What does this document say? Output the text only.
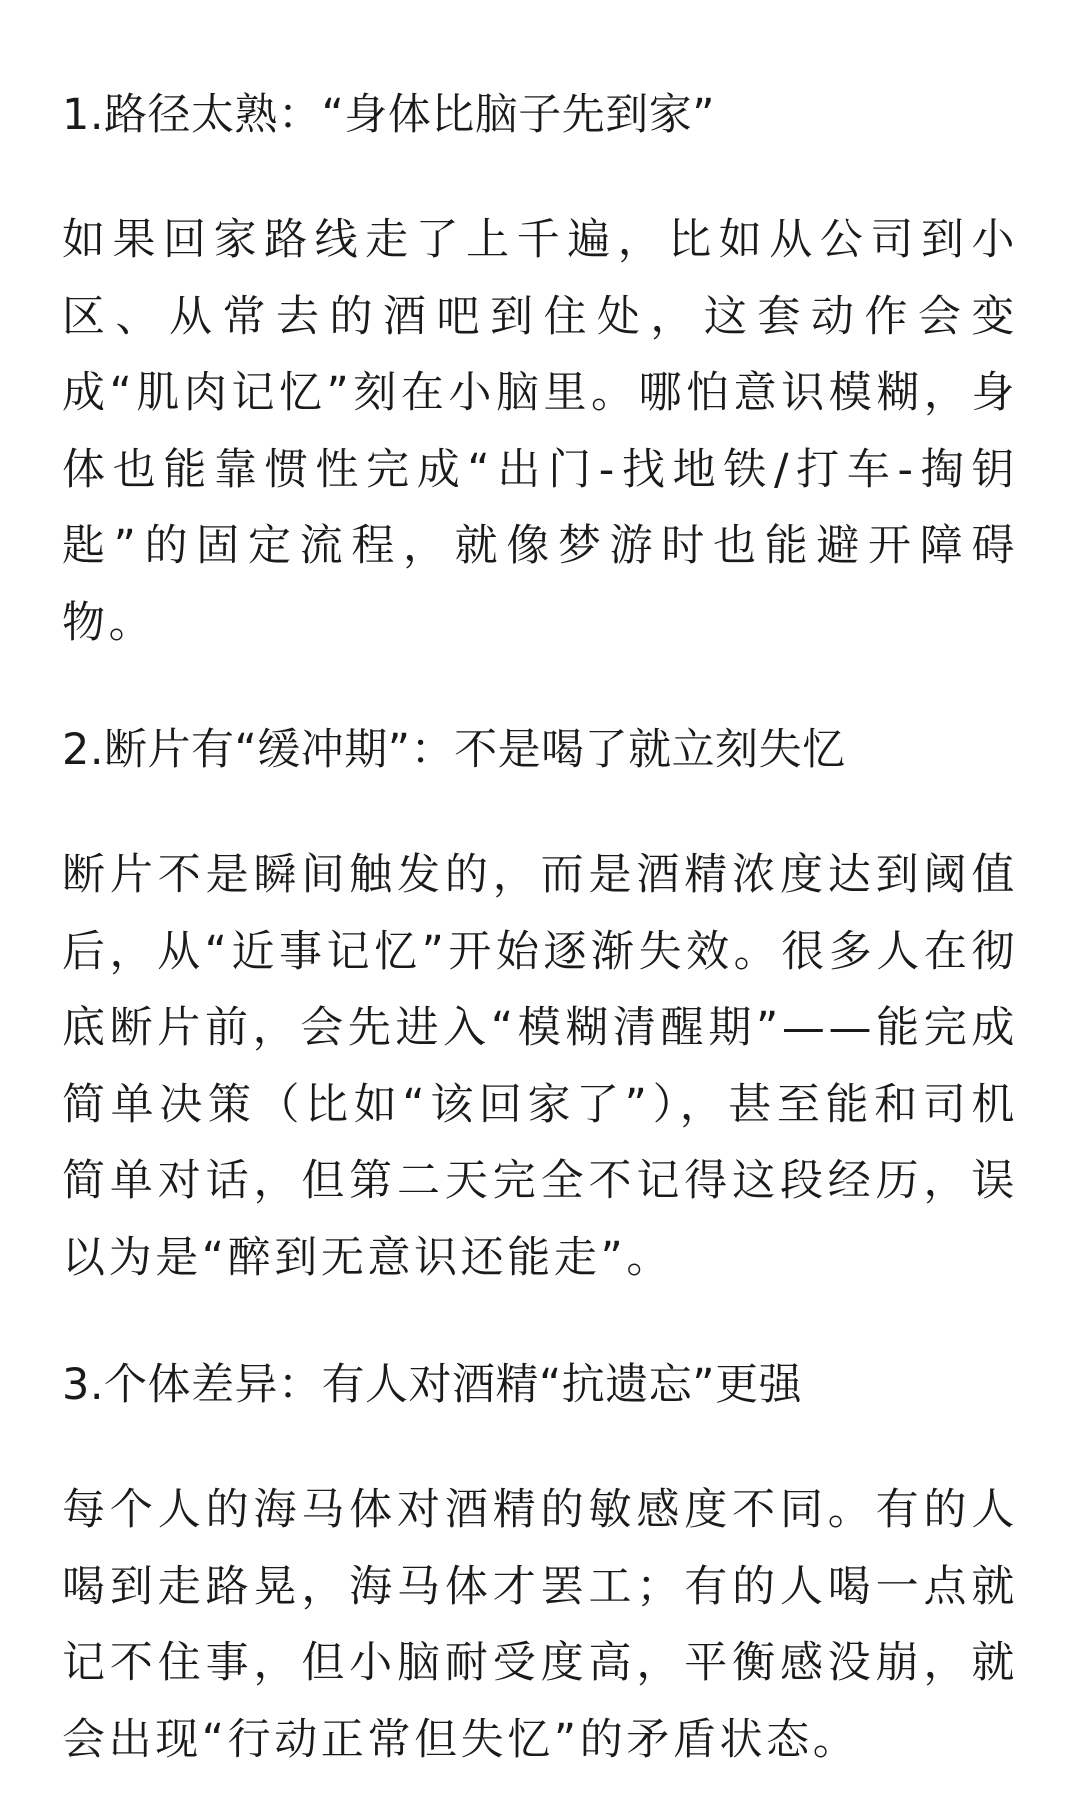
1.路径太熟：“身体比脑子先到家”

如果回家路线走了上千遍，比如从公司到小区、从常去的酒吧到住处，这套动作会变成“肌肉记忆”刻在小脑里。哪怕意识模糊，身体也能靠惯性完成“出门-找地铁/打车-掏钥匙”的固定流程，就像梦游时也能避开障碍物。

2.断片有“缓冲期”：不是喝了就立刻失忆

断片不是瞬间触发的，而是酒精浓度达到阈值后，从“近事记忆”开始逐渐失效。很多人在彻底断片前，会先进入“模糊清醒期”——能完成简单决策（比如“该回家了”），甚至能和司机简单对话，但第二天完全不记得这段经历，误以为是“醉到无意识还能走”。

3.个体差异：有人对酒精“抗遗忘”更强

每个人的海马体对酒精的敏感度不同。有的人喝到走路晃，海马体才罢工；有的人喝一点就记不住事，但小脑耐受度高，平衡感没崩，就会出现“行动正常但失忆”的矛盾状态。
